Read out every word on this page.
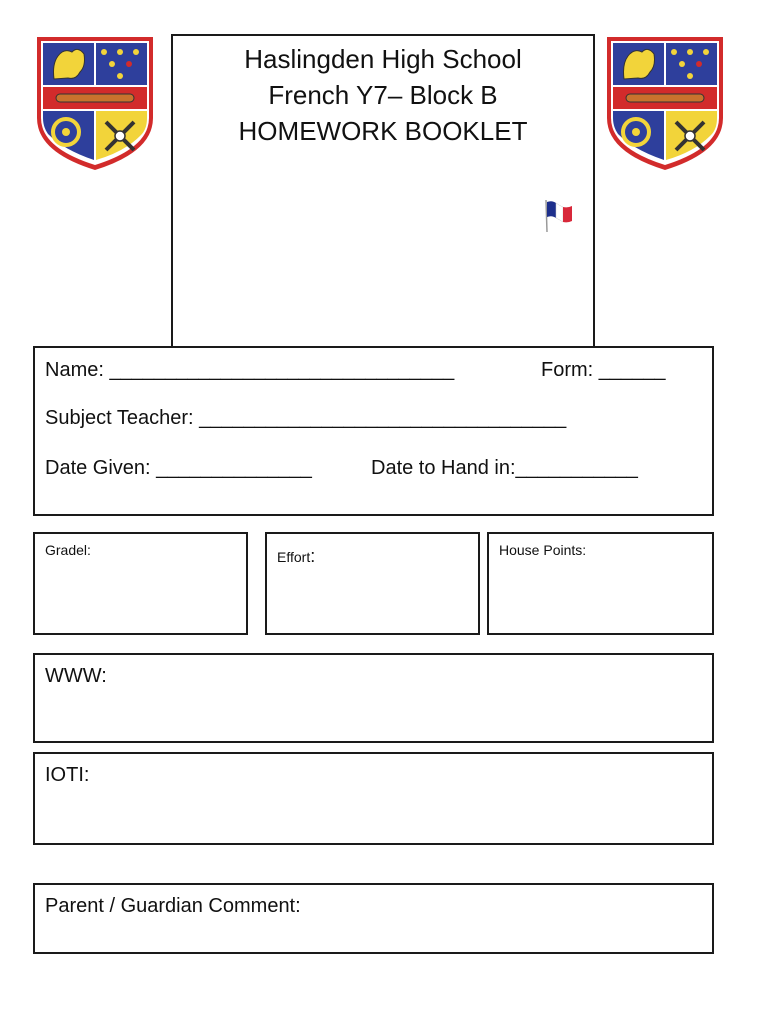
Haslingden High School
French Y7– Block B
HOMEWORK BOOKLET
Name: _______________________________	Form: ______
Subject Teacher: _________________________________
Date Given: ______________	Date to Hand in:___________
Gradel:	Effort:	House Points:
WWW:
IOTI:
Parent / Guardian Comment:
